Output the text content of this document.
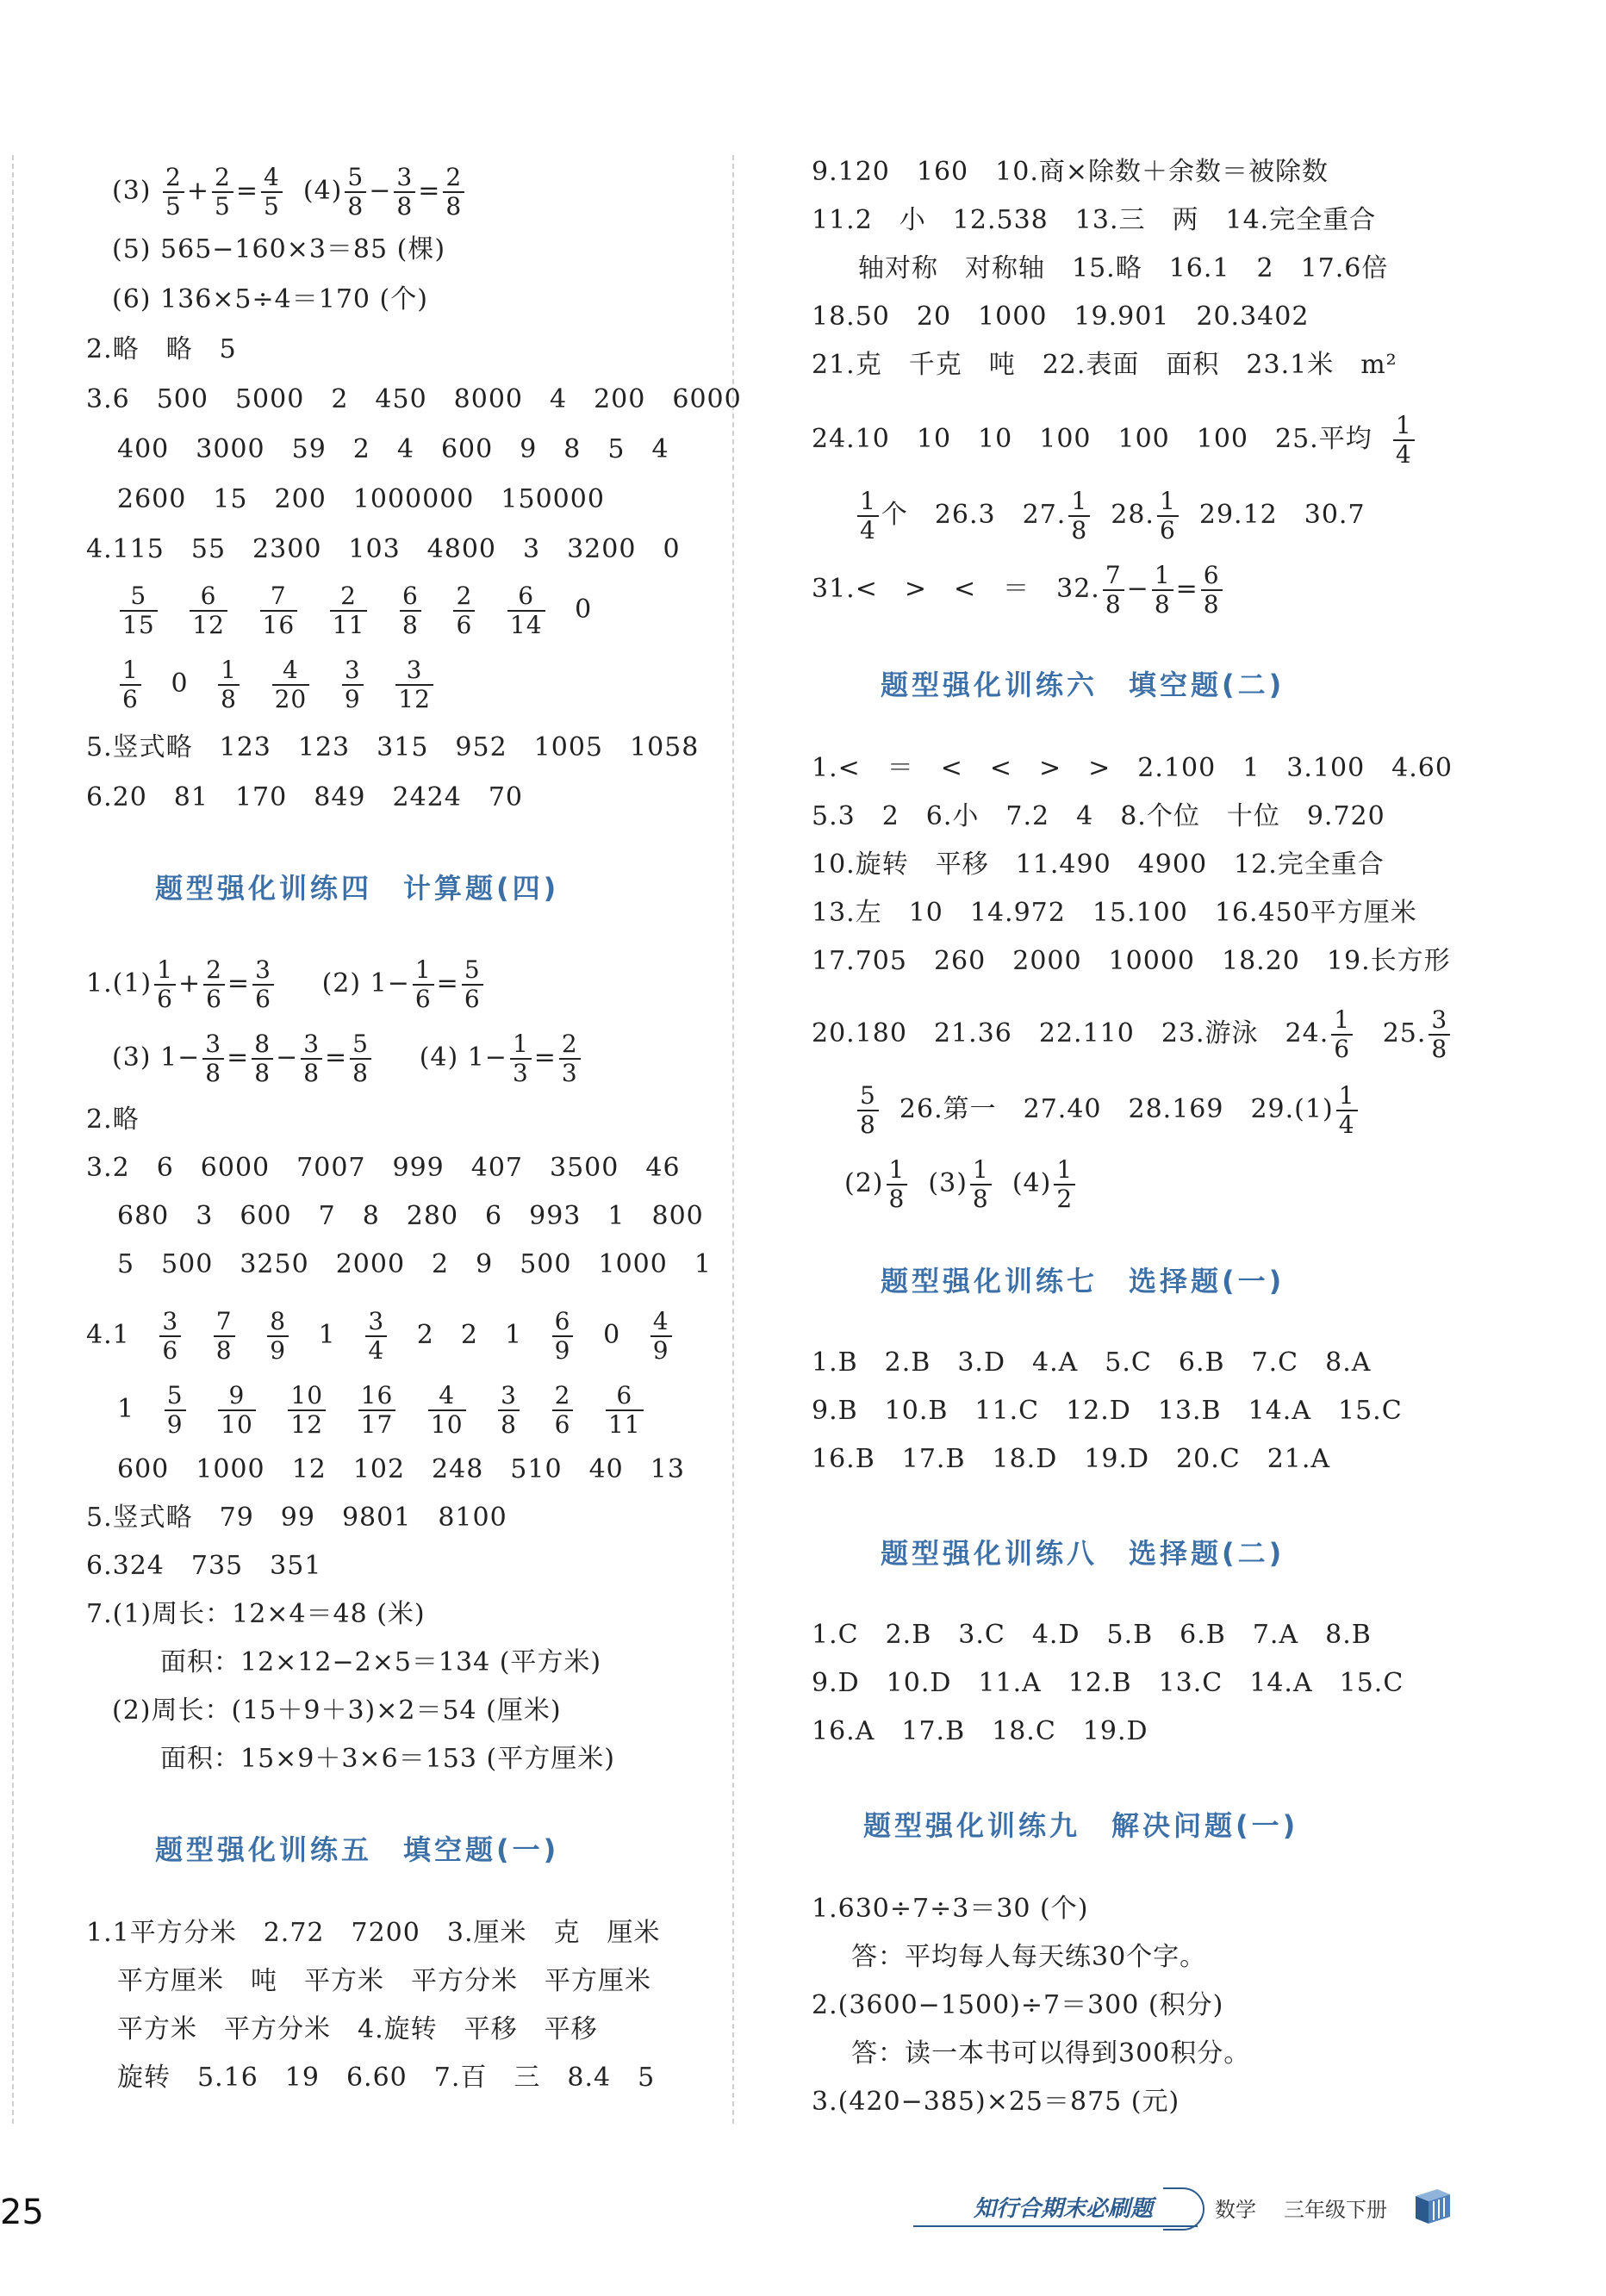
$(3) \frac{2}{5} + \frac{2}{5} = \frac{4}{5} (4) \frac{5}{8} - \frac{3}{8} = \frac{2}{8}$
(5) 565−160×3＝85 (棵)
(6) 136×5÷4＝170 (个)
2.略　略　5
3.6　500　5000　2　450　8000　4　200　6000
400　3000　59　2　4　600　9　8　5　4
2600　15　200　1000000　150000
4.115　55　2300　103　4800　3　3200　0
$\frac{5}{15}$
$\frac{6}{12}$
$\frac{7}{16}$
$\frac{2}{11}$
$\frac{6}{8}$
$\frac{2}{6}$
$\frac{6}{14} 0$
$\frac{1}{6} 0 \frac{1}{8}$
$\frac{4}{20}$
$\frac{3}{9}$
$\frac{3}{12}$
5.竖式略　123　123　315　952　1005　1058
6.20　81　170　849　2424　70
题型强化训练四 计算题(四)
$1.(1) \frac{1}{6} + \frac{2}{6} = \frac{3}{6} (2)$ $1- \frac{1}{6} = \frac{5}{6}$
(3) $1- \frac{3}{8} = \frac{8}{8} - \frac{3}{8} = \frac{5}{8} (4)$ $1- \frac{1}{3} = \frac{2}{3}$
2.略
3.2　6　6000　7007　999　407　3500　46
680　3　600　7　8　280　6　993　1　800
5　500　3250　2000　2　9　500　1000　1
$4.1 \frac{3}{6}$
$\frac{7}{8}$
$\frac{8}{9} 1 \frac{3}{4} 2$　2　$1 \frac{6}{9} 0 \frac{4}{9}$
$1 \frac{5}{9}$
$\frac{9}{10}$
$\frac{10}{12}$
$\frac{16}{17}$
$\frac{4}{10}$
$\frac{3}{8}$
$\frac{2}{6}$
$\frac{6}{11}$
600　1000　12　102　248　510　40　13
5.竖式略　79　99　9801　8100
6.324　735　351
7.(1)周长：12×4＝48 (米)
面积：12×12−2×5＝134 (平方米)
(2)周长：(15＋9＋3)×2＝54 (厘米)
面积：15×9＋3×6＝153 (平方厘米)
题型强化训练五 填空题(一)
1.1平方分米　2.72　7200　3.厘米　克　厘米
平方厘米　吨　平方米　平方分米　平方厘米
平方米　平方分米　4.旋转　平移　平移
旋转　5.16　19　6.60　7.百　三　8.4　5
9.120　160　10.商×除数＋余数＝被除数
11.2　小　12.538　13.三　两　14.完全重合
轴对称　对称轴　15.略　16.1　2　17.6倍
18.50　20　1000　19.901　20.3402
21.克　千克　吨　22.表面　面积　23.1米　m²
24.10　10　10　100　100　100　25.平均 $\frac{1}{4}$
$\frac{1}{4}$ 个　26.3　27. $\frac{1}{8} 28$. $\frac{1}{6} 29.12$　30.7
31.<　>　<　＝　32. $\frac{7}{8} - \frac{1}{8} = \frac{6}{8}$
题型强化训练六 填空题(二)
1.<　＝　<　<　>　>　2.100　1　3.100　4.60
5.3　2　6.小　7.2　4　8.个位　十位　9.720
10.旋转　平移　11.490　4900　12.完全重合
13.左　10　14.972　15.100　16.450平方厘米
17.705　260　2000　10000　18.20　19.长方形
20.180　21.36　22.110　23.游泳　24. $\frac{1}{6} 25$. $\frac{3}{8}$
$\frac{5}{8} 26$.第一　27.40　28.169　$29.(1) \frac{1}{4}$
$(2) \frac{1}{8} (3) \frac{1}{8} (4) \frac{1}{2}$
题型强化训练七 选择题(一)
1.B　2.B　3.D　4.A　5.C　6.B　7.C　8.A
9.B　10.B　11.C　12.D　13.B　14.A　15.C
16.B　17.B　18.D　19.D　20.C　21.A
题型强化训练八 选择题(二)
1.C　2.B　3.C　4.D　5.B　6.B　7.A　8.B
9.D　10.D　11.A　12.B　13.C　14.A　15.C
16.A　17.B　18.C　19.D
题型强化训练九 解决问题(一)
1.630÷7÷3＝30 (个)
答：平均每人每天练30个字。
2.(3600−1500)÷7＝300 (积分)
答：读一本书可以得到300积分。
3.(420−385)×25＝875 (元)
25	知行合期末必刷题	数学 三年级下册
